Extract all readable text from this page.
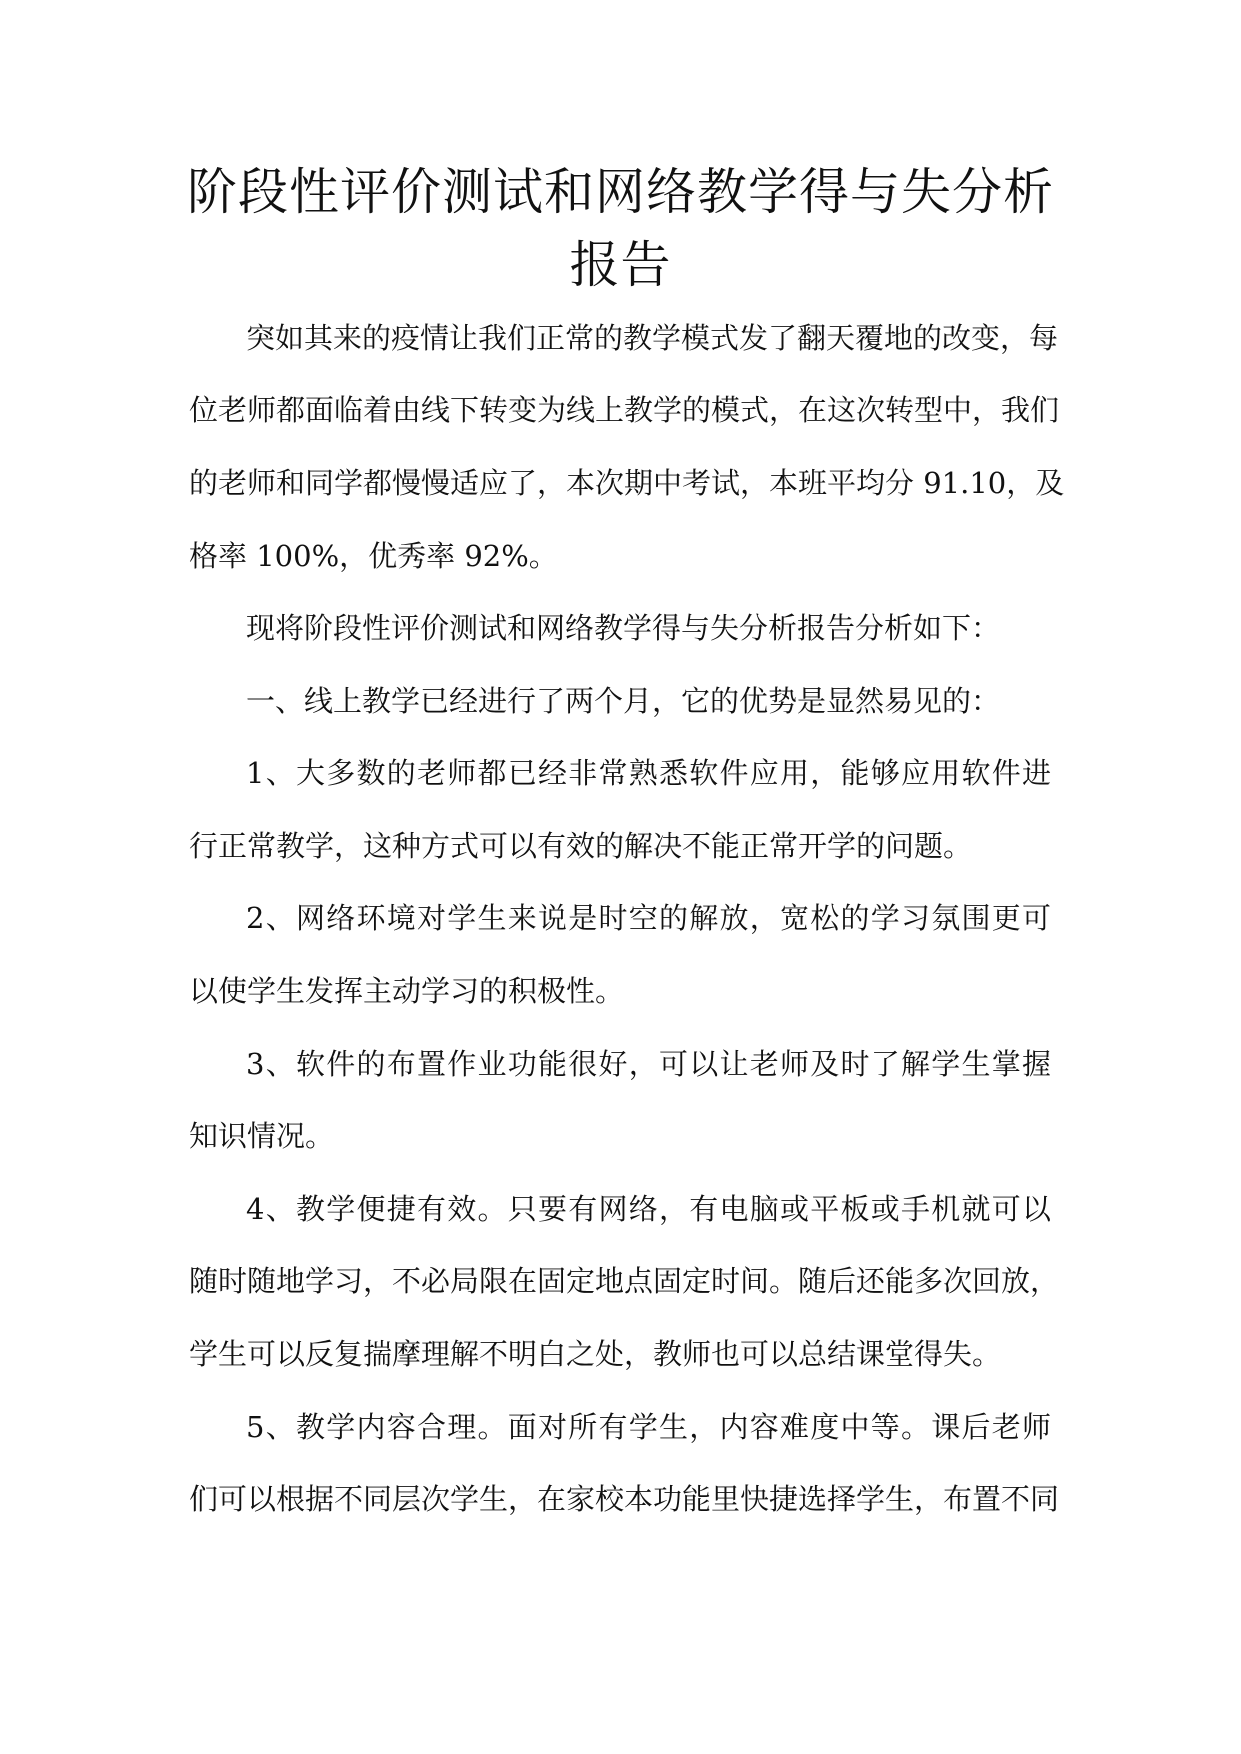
阶段性评价测试和网络教学得与失分析
报告
突如其来的疫情让我们正常的教学模式发了翻天覆地的改变，每
位老师都面临着由线下转变为线上教学的模式，在这次转型中，我们
的老师和同学都慢慢适应了，本次期中考试，本班平均分 91.10，及
格率 100%，优秀率 92%。
现将阶段性评价测试和网络教学得与失分析报告分析如下：
一、线上教学已经进行了两个月，它的优势是显然易见的：
1、大多数的老师都已经非常熟悉软件应用，能够应用软件进
行正常教学，这种方式可以有效的解决不能正常开学的问题。
2、网络环境对学生来说是时空的解放，宽松的学习氛围更可
以使学生发挥主动学习的积极性。
3、软件的布置作业功能很好，可以让老师及时了解学生掌握
知识情况。
4、教学便捷有效。只要有网络，有电脑或平板或手机就可以
随时随地学习，不必局限在固定地点固定时间。随后还能多次回放，
学生可以反复揣摩理解不明白之处，教师也可以总结课堂得失。
5、教学内容合理。面对所有学生，内容难度中等。课后老师
们可以根据不同层次学生，在家校本功能里快捷选择学生，布置不同
